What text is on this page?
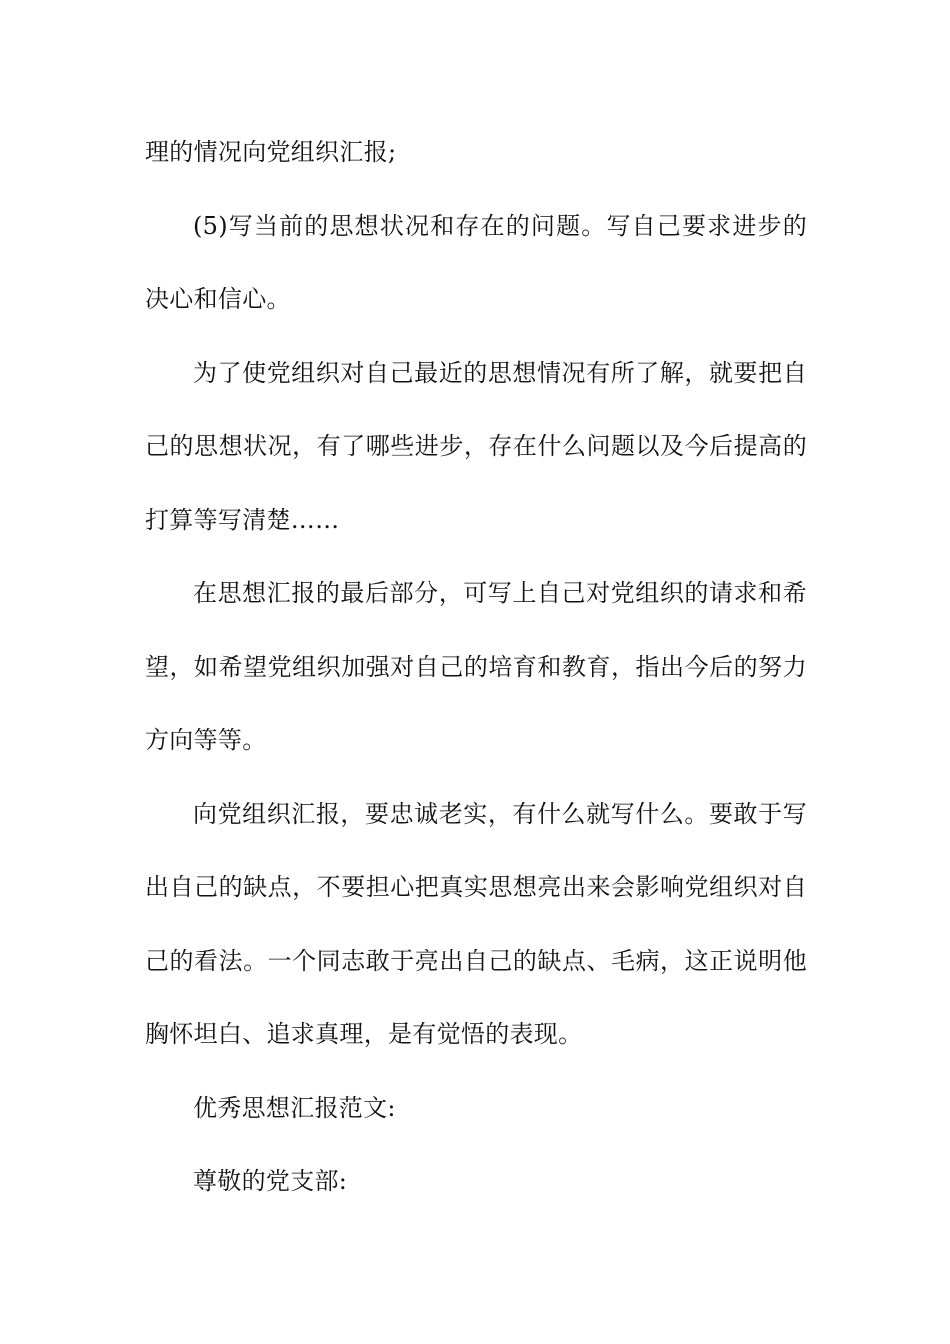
理的情况向党组织汇报;

(5)写当前的思想状况和存在的问题。写自己要求进步的决心和信心。

为了使党组织对自己最近的思想情况有所了解，就要把自己的思想状况，有了哪些进步，存在什么问题以及今后提高的打算等写清楚……

在思想汇报的最后部分，可写上自己对党组织的请求和希望，如希望党组织加强对自己的培育和教育，指出今后的努力方向等等。

向党组织汇报，要忠诚老实，有什么就写什么。要敢于写出自己的缺点，不要担心把真实思想亮出来会影响党组织对自己的看法。一个同志敢于亮出自己的缺点、毛病，这正说明他胸怀坦白、追求真理，是有觉悟的表现。

优秀思想汇报范文:

尊敬的党支部:
